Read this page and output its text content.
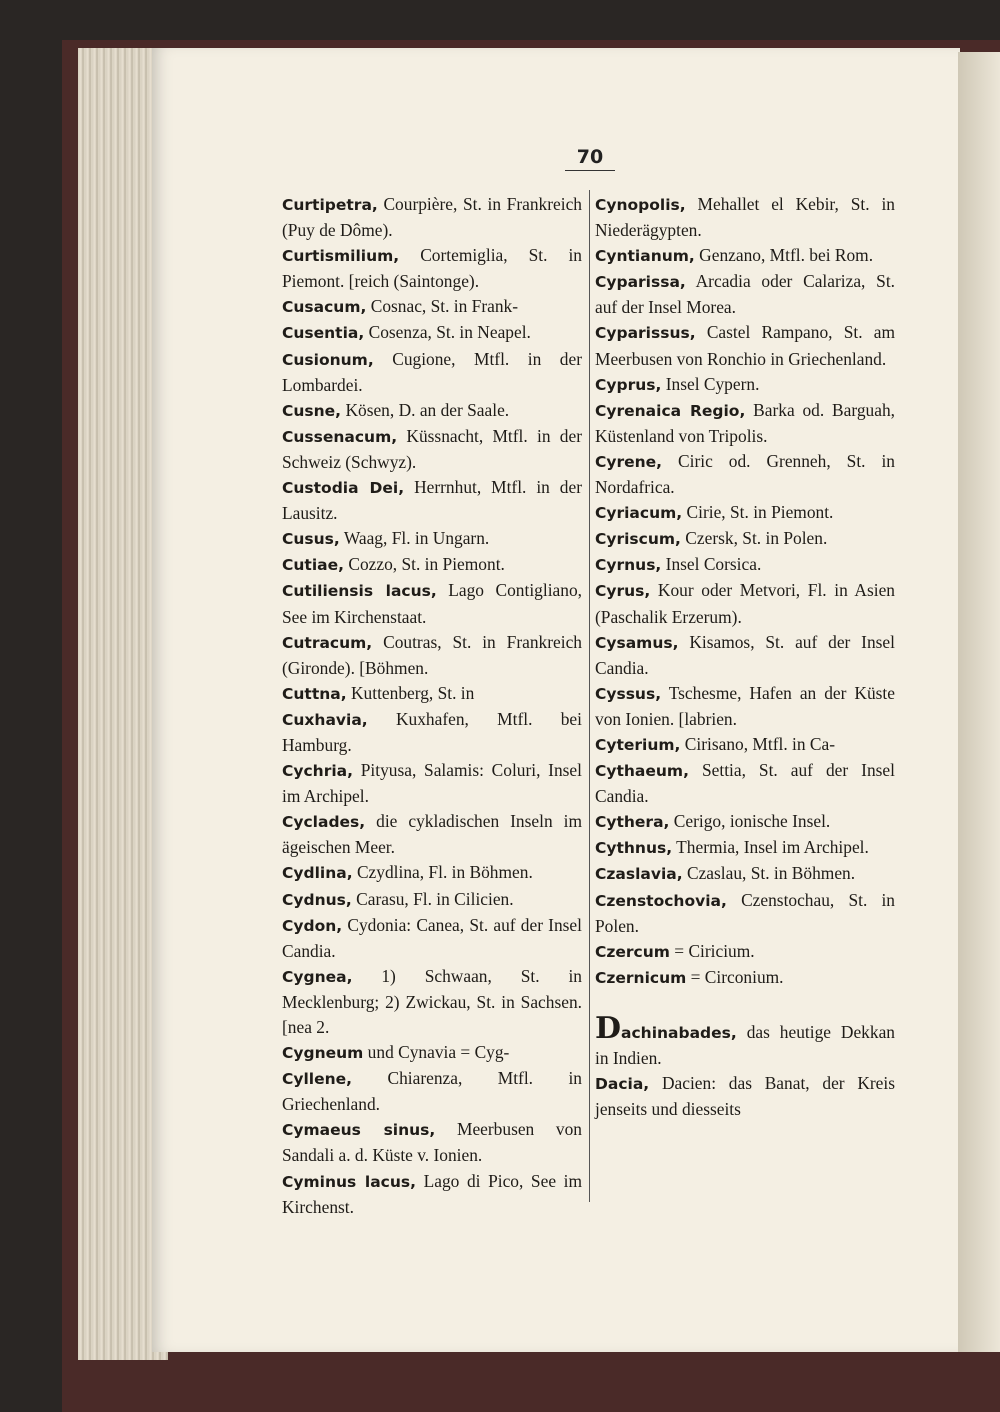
70
Curtipetra, Courpière, St. in Frankreich (Puy de Dôme).
Curtismilium, Cortemiglia, St. in Piemont. [reich (Saintonge).
Cusacum, Cosnac, St. in Frank-
Cusentia, Cosenza, St. in Neapel.
Cusionum, Cugione, Mtfl. in der Lombardei.
Cusne, Kösen, D. an der Saale.
Cussenacum, Küssnacht, Mtfl. in der Schweiz (Schwyz).
Custodia Dei, Herrnhut, Mtfl. in der Lausitz.
Cusus, Waag, Fl. in Ungarn.
Cutiae, Cozzo, St. in Piemont.
Cutiliensis lacus, Lago Contigliano, See im Kirchenstaat.
Cutracum, Coutras, St. in Frankreich (Gironde). [Böhmen.
Cuttna, Kuttenberg, St. in
Cuxhavia, Kuxhafen, Mtfl. bei Hamburg.
Cychria, Pityusa, Salamis: Coluri, Insel im Archipel.
Cyclades, die cykladischen Inseln im ägeischen Meer.
Cydlina, Czydlina, Fl. in Böhmen.
Cydnus, Carasu, Fl. in Cilicien.
Cydon, Cydonia: Canea, St. auf der Insel Candia.
Cygnea, 1) Schwaan, St. in Mecklenburg; 2) Zwickau, St. in Sachsen. [nea 2.
Cygneum und Cynavia = Cyg-
Cyllene, Chiarenza, Mtfl. in Griechenland.
Cymaeus sinus, Meerbusen von Sandali a. d. Küste v. Ionien.
Cyminus lacus, Lago di Pico, See im Kirchenst.
Cynopolis, Mehallet el Kebir, St. in Niederägypten.
Cyntianum, Genzano, Mtfl. bei Rom.
Cyparissa, Arcadia oder Calariza, St. auf der Insel Morea.
Cyparissus, Castel Rampano, St. am Meerbusen von Ronchio in Griechenland.
Cyprus, Insel Cypern.
Cyrenaica Regio, Barka od. Barguah, Küstenland von Tripolis.
Cyrene, Ciric od. Grenneh, St. in Nordafrica.
Cyriacum, Cirie, St. in Piemont.
Cyriscum, Czersk, St. in Polen.
Cyrnus, Insel Corsica.
Cyrus, Kour oder Metvori, Fl. in Asien (Paschalik Erzerum).
Cysamus, Kisamos, St. auf der Insel Candia.
Cyssus, Tschesme, Hafen an der Küste von Ionien. [labrien.
Cyterium, Cirisano, Mtfl. in Ca-
Cythaeum, Settia, St. auf der Insel Candia.
Cythera, Cerigo, ionische Insel.
Cythnus, Thermia, Insel im Archipel.
Czaslavia, Czaslau, St. in Böhmen.
Czenstochovia, Czenstochau, St. in Polen.
Czercum = Ciricium.
Czernicum = Circonium.
Dachinabades, das heutige Dekkan in Indien.
Dacia, Dacien: das Banat, der Kreis jenseits und diesseits
